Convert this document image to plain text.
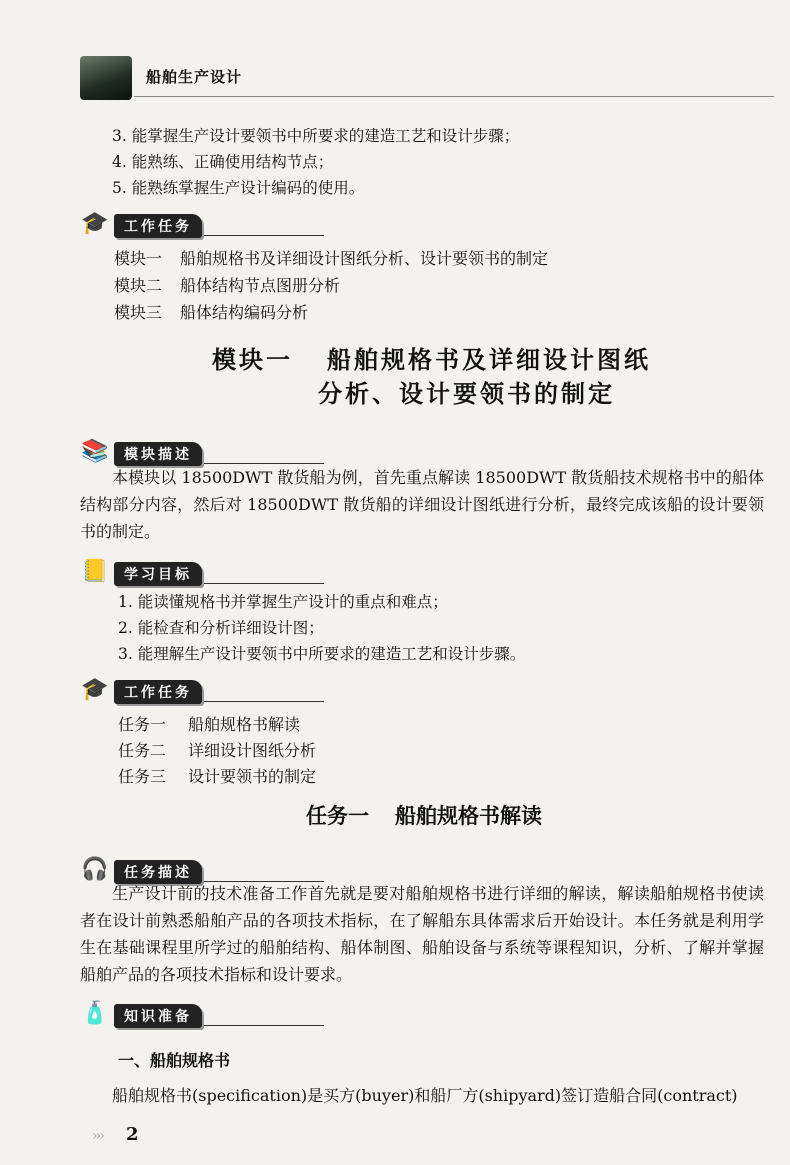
船舶生产设计
3. 能掌握生产设计要领书中所要求的建造工艺和设计步骤；
4. 能熟练、正确使用结构节点；
5. 能熟练掌握生产设计编码的使用。
🎓	工作任务
模块一 船舶规格书及详细设计图纸分析、设计要领书的制定
模块二 船体结构节点图册分析
模块三 船体结构编码分析
模块一 船舶规格书及详细设计图纸
分析、设计要领书的制定
📚	模块描述
本模块以 18500DWT 散货船为例，首先重点解读 18500DWT 散货船技术规格书中的船体结构部分内容，然后对 18500DWT 散货船的详细设计图纸进行分析，最终完成该船的设计要领书的制定。
📒	学习目标
1. 能读懂规格书并掌握生产设计的重点和难点；
2. 能检查和分析详细设计图；
3. 能理解生产设计要领书中所要求的建造工艺和设计步骤。
🎓	工作任务
任务一 船舶规格书解读
任务二 详细设计图纸分析
任务三 设计要领书的制定
任务一 船舶规格书解读
🎧	任务描述
生产设计前的技术准备工作首先就是要对船舶规格书进行详细的解读，解读船舶规格书使读者在设计前熟悉船舶产品的各项技术指标，在了解船东具体需求后开始设计。本任务就是利用学生在基础课程里所学过的船舶结构、船体制图、船舶设备与系统等课程知识，分析、了解并掌握船舶产品的各项技术指标和设计要求。
🧴	知识准备
一、船舶规格书
船舶规格书(specification)是买方(buyer)和船厂方(shipyard)签订造船合同(contract)
››› 2
